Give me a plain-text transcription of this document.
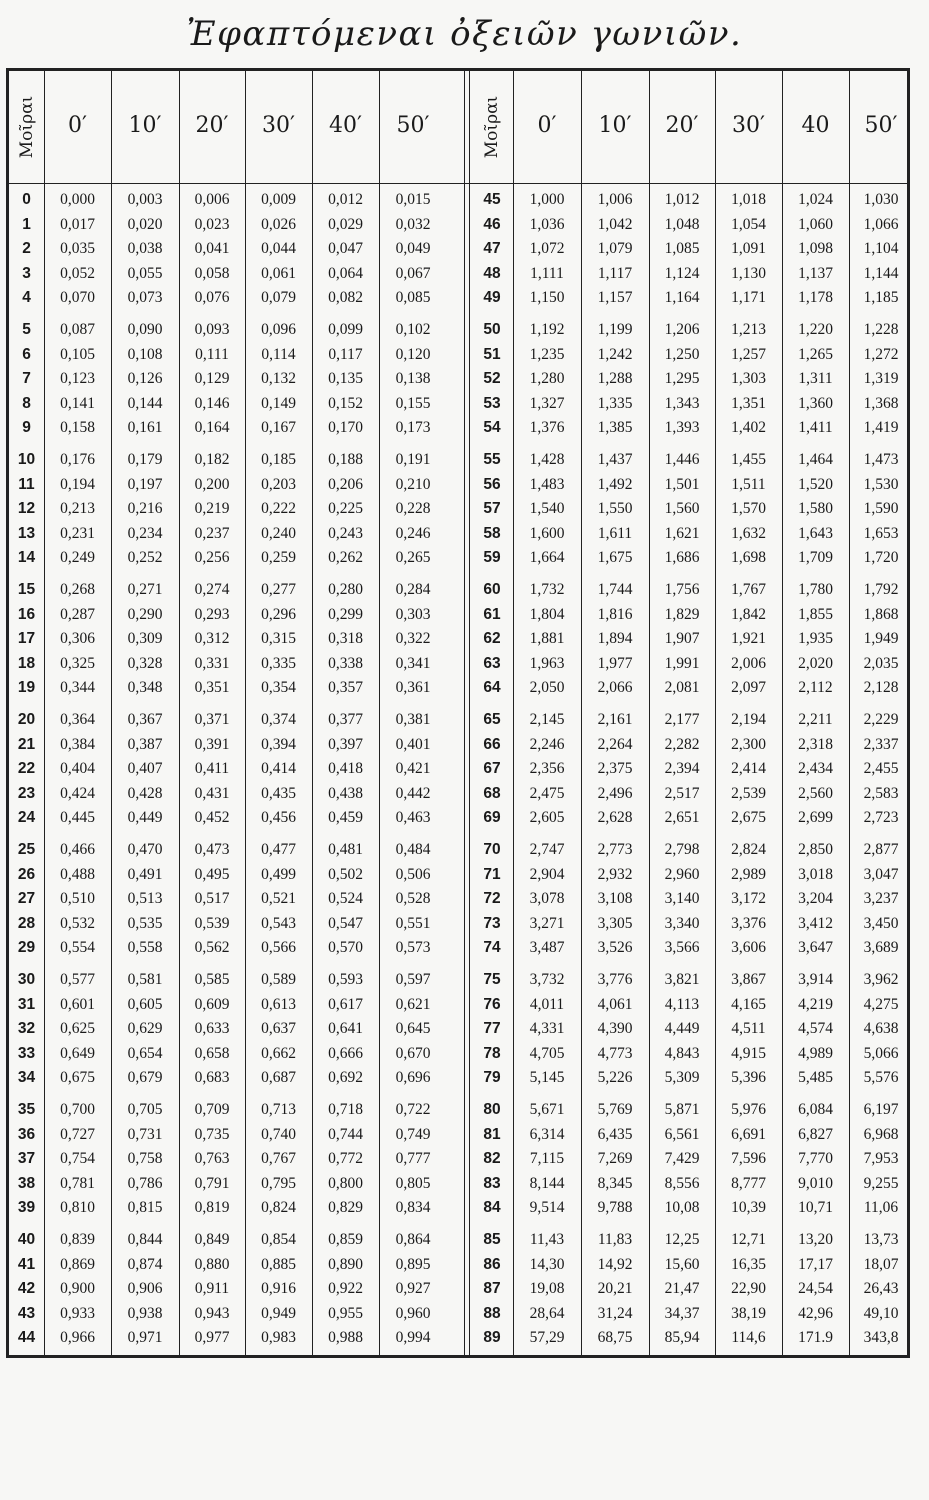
Ἐφαπτόμεναι ὀξειῶν γωνιῶν.
Μοῖραι	0′	10′	20′	30′	40′	50′
0	0,000	0,003	0,006	0,009	0,012	0,015
1	0,017	0,020	0,023	0,026	0,029	0,032
2	0,035	0,038	0,041	0,044	0,047	0,049
3	0,052	0,055	0,058	0,061	0,064	0,067
4	0,070	0,073	0,076	0,079	0,082	0,085
5	0,087	0,090	0,093	0,096	0,099	0,102
6	0,105	0,108	0,111	0,114	0,117	0,120
7	0,123	0,126	0,129	0,132	0,135	0,138
8	0,141	0,144	0,146	0,149	0,152	0,155
9	0,158	0,161	0,164	0,167	0,170	0,173
10	0,176	0,179	0,182	0,185	0,188	0,191
11	0,194	0,197	0,200	0,203	0,206	0,210
12	0,213	0,216	0,219	0,222	0,225	0,228
13	0,231	0,234	0,237	0,240	0,243	0,246
14	0,249	0,252	0,256	0,259	0,262	0,265
15	0,268	0,271	0,274	0,277	0,280	0,284
16	0,287	0,290	0,293	0,296	0,299	0,303
17	0,306	0,309	0,312	0,315	0,318	0,322
18	0,325	0,328	0,331	0,335	0,338	0,341
19	0,344	0,348	0,351	0,354	0,357	0,361
20	0,364	0,367	0,371	0,374	0,377	0,381
21	0,384	0,387	0,391	0,394	0,397	0,401
22	0,404	0,407	0,411	0,414	0,418	0,421
23	0,424	0,428	0,431	0,435	0,438	0,442
24	0,445	0,449	0,452	0,456	0,459	0,463
25	0,466	0,470	0,473	0,477	0,481	0,484
26	0,488	0,491	0,495	0,499	0,502	0,506
27	0,510	0,513	0,517	0,521	0,524	0,528
28	0,532	0,535	0,539	0,543	0,547	0,551
29	0,554	0,558	0,562	0,566	0,570	0,573
30	0,577	0,581	0,585	0,589	0,593	0,597
31	0,601	0,605	0,609	0,613	0,617	0,621
32	0,625	0,629	0,633	0,637	0,641	0,645
33	0,649	0,654	0,658	0,662	0,666	0,670
34	0,675	0,679	0,683	0,687	0,692	0,696
35	0,700	0,705	0,709	0,713	0,718	0,722
36	0,727	0,731	0,735	0,740	0,744	0,749
37	0,754	0,758	0,763	0,767	0,772	0,777
38	0,781	0,786	0,791	0,795	0,800	0,805
39	0,810	0,815	0,819	0,824	0,829	0,834
40	0,839	0,844	0,849	0,854	0,859	0,864
41	0,869	0,874	0,880	0,885	0,890	0,895
42	0,900	0,906	0,911	0,916	0,922	0,927
43	0,933	0,938	0,943	0,949	0,955	0,960
44	0,966	0,971	0,977	0,983	0,988	0,994
Μοῖραι	0′	10′	20′	30′	40	50′
45	1,000	1,006	1,012	1,018	1,024	1,030
46	1,036	1,042	1,048	1,054	1,060	1,066
47	1,072	1,079	1,085	1,091	1,098	1,104
48	1,111	1,117	1,124	1,130	1,137	1,144
49	1,150	1,157	1,164	1,171	1,178	1,185
50	1,192	1,199	1,206	1,213	1,220	1,228
51	1,235	1,242	1,250	1,257	1,265	1,272
52	1,280	1,288	1,295	1,303	1,311	1,319
53	1,327	1,335	1,343	1,351	1,360	1,368
54	1,376	1,385	1,393	1,402	1,411	1,419
55	1,428	1,437	1,446	1,455	1,464	1,473
56	1,483	1,492	1,501	1,511	1,520	1,530
57	1,540	1,550	1,560	1,570	1,580	1,590
58	1,600	1,611	1,621	1,632	1,643	1,653
59	1,664	1,675	1,686	1,698	1,709	1,720
60	1,732	1,744	1,756	1,767	1,780	1,792
61	1,804	1,816	1,829	1,842	1,855	1,868
62	1,881	1,894	1,907	1,921	1,935	1,949
63	1,963	1,977	1,991	2,006	2,020	2,035
64	2,050	2,066	2,081	2,097	2,112	2,128
65	2,145	2,161	2,177	2,194	2,211	2,229
66	2,246	2,264	2,282	2,300	2,318	2,337
67	2,356	2,375	2,394	2,414	2,434	2,455
68	2,475	2,496	2,517	2,539	2,560	2,583
69	2,605	2,628	2,651	2,675	2,699	2,723
70	2,747	2,773	2,798	2,824	2,850	2,877
71	2,904	2,932	2,960	2,989	3,018	3,047
72	3,078	3,108	3,140	3,172	3,204	3,237
73	3,271	3,305	3,340	3,376	3,412	3,450
74	3,487	3,526	3,566	3,606	3,647	3,689
75	3,732	3,776	3,821	3,867	3,914	3,962
76	4,011	4,061	4,113	4,165	4,219	4,275
77	4,331	4,390	4,449	4,511	4,574	4,638
78	4,705	4,773	4,843	4,915	4,989	5,066
79	5,145	5,226	5,309	5,396	5,485	5,576
80	5,671	5,769	5,871	5,976	6,084	6,197
81	6,314	6,435	6,561	6,691	6,827	6,968
82	7,115	7,269	7,429	7,596	7,770	7,953
83	8,144	8,345	8,556	8,777	9,010	9,255
84	9,514	9,788	10,08	10,39	10,71	11,06
85	11,43	11,83	12,25	12,71	13,20	13,73
86	14,30	14,92	15,60	16,35	17,17	18,07
87	19,08	20,21	21,47	22,90	24,54	26,43
88	28,64	31,24	34,37	38,19	42,96	49,10
89	57,29	68,75	85,94	114,6	171.9	343,8
